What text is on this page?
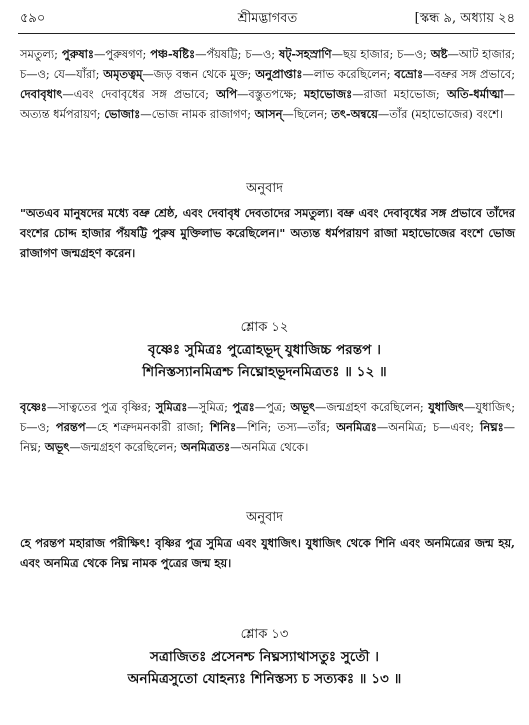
৫৯০	শ্রীমদ্ভাগবত	[স্কন্ধ ৯, অধ্যায় ২৪
সমতুল্য; পুরুষাঃ—পুরুষগণ; পঞ্চ-ষষ্টিঃ—পঁয়ষট্টি; চ—ও; ষট্‌-সহস্রাণি—ছয় হাজার; চ—ও; অষ্ট—আট হাজার; চ—ও; যে—যাঁরা; অমৃতত্বম্—জড় বন্ধন থেকে মুক্ত; অনুপ্রাপ্তাঃ—লাভ করেছিলেন; বভ্রোঃ—বভ্রুর সঙ্গ প্রভাবে; দেবাবৃধাৎ—এবং দেবাবৃধের সঙ্গ প্রভাবে; অপি—বস্তুতপক্ষে; মহাভোজঃ—রাজা মহাভোজ; অতি-ধর্মাত্মা—অত্যন্ত ধর্মপরায়ণ; ভোজাঃ—ভোজ নামক রাজাগণ; আসন্—ছিলেন; তৎ-অন্বয়ে—তাঁর (মহাভোজের) বংশে।
অনুবাদ
"অতএব মানুষদের মধ্যে বভ্রু শ্রেষ্ঠ, এবং দেবাবৃধ দেবতাদের সমতুল্য। বভ্রু এবং দেবাবৃধের সঙ্গ প্রভাবে তাঁদের বংশের চোদ্দ হাজার পঁয়ষট্টি পুরুষ মুক্তিলাভ করেছিলেন।" অত্যন্ত ধর্মপরায়ণ রাজা মহাভোজের বংশে ভোজ রাজাগণ জন্মগ্রহণ করেন।
শ্লোক ১২
বৃষ্ণেঃ সুমিত্রঃ পুত্রোহভূদ্ যুধাজিচ্চ পরন্তপ ।
শিনিস্তস্যানমিত্রশ্চ নিঘ্নোহভূদনমিত্রতঃ ॥ ১২ ॥
বৃষ্ণেঃ—সাত্বতের পুত্র বৃষ্ণির; সুমিত্রঃ—সুমিত্র; পুত্রঃ—পুত্র; অভূৎ—জন্মগ্রহণ করেছিলেন; যুধাজিৎ—যুধাজিৎ; চ—ও; পরন্তপ—হে শত্রুদমনকারী রাজা; শিনিঃ—শিনি; তস্য—তাঁর; অনমিত্রঃ—অনমিত্র; চ—এবং; নিঘ্নঃ—নিঘ্ন; অভূৎ—জন্মগ্রহণ করেছিলেন; অনমিত্রতঃ—অনমিত্র থেকে।
অনুবাদ
হে পরন্তপ মহারাজ পরীক্ষিৎ! বৃষ্ণির পুত্র সুমিত্র এবং যুধাজিৎ। যুধাজিৎ থেকে শিনি এবং অনমিত্রের জন্ম হয়, এবং অনমিত্র থেকে নিঘ্ন নামক পুত্রের জন্ম হয়।
শ্লোক ১৩
সত্রাজিতঃ প্রসেনশ্চ নিঘ্নস্যাথাসতুঃ সুতৌ ।
অনমিত্রসুতো যোহন্যঃ শিনিস্তস্য চ সত্যকঃ ॥ ১৩ ॥
